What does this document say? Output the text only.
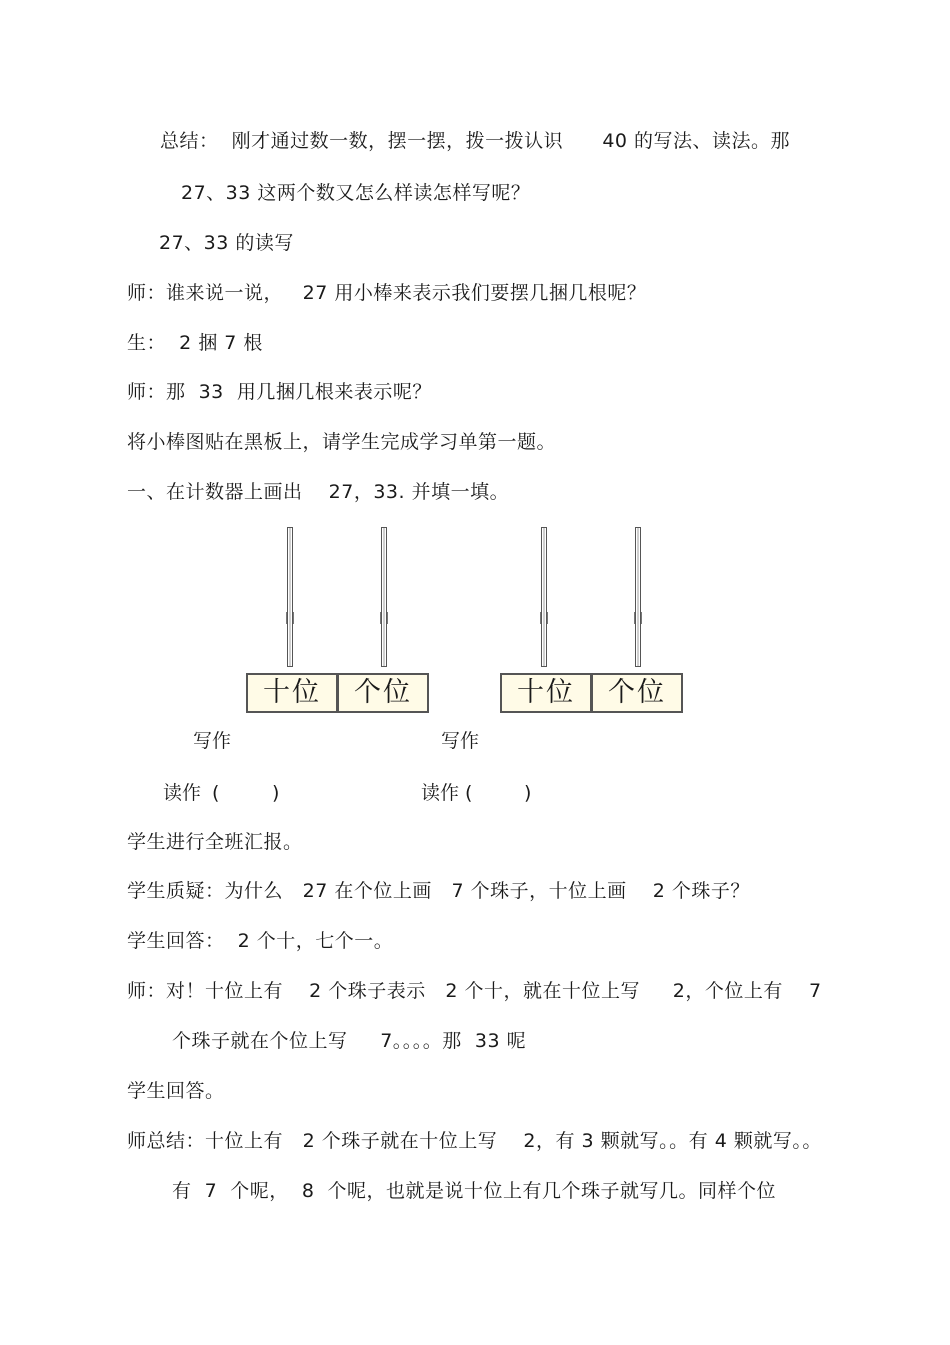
总结：  刚才通过数一数，摆一摆，拨一拨认识      40 的写法、读法。那
27、33 这两个数又怎么样读怎样写呢？
27、33 的读写
师：谁来说一说，   27 用小棒来表示我们要摆几捆几根呢？
生：  2 捆 7 根
师：那  33  用几捆几根来表示呢？
将小棒图贴在黑板上，请学生完成学习单第一题。
一、在计数器上画出    27，33. 并填一填。
十位	个位	十位	个位
写作	写作
读作 (	)	读作 (	)
学生进行全班汇报。
学生质疑：为什么   27 在个位上画   7 个珠子，十位上画    2 个珠子？
学生回答：  2 个十，七个一。
师：对！十位上有    2 个珠子表示   2 个十，就在十位上写     2，个位上有    7
个珠子就在个位上写     7。。。。那  33 呢
学生回答。
师总结：十位上有   2 个珠子就在十位上写    2，有 3 颗就写。。有 4 颗就写。。
有  7  个呢，  8  个呢，也就是说十位上有几个珠子就写几。同样个位
